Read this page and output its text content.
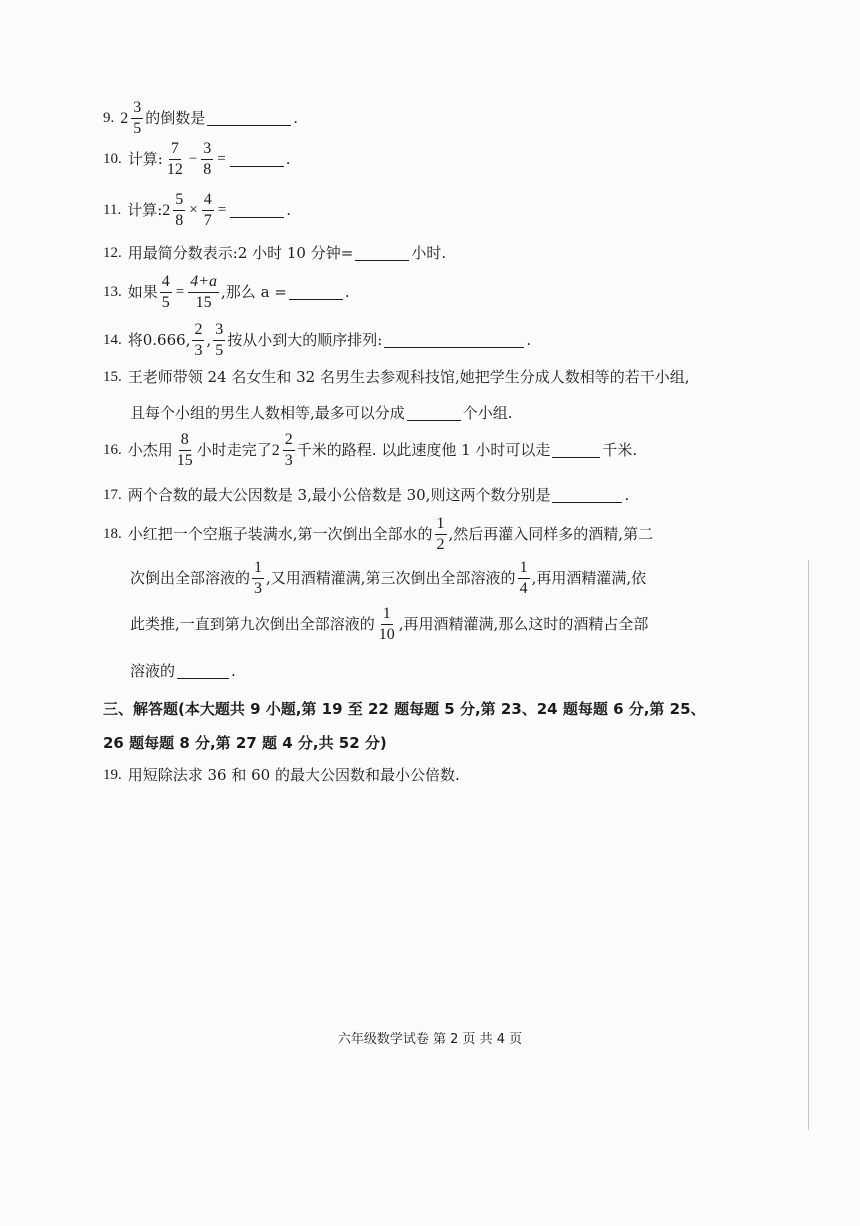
9. $2 \frac{3}{5}$ 的倒数是	.
10. 计算: $\frac{7}{12} - \frac{3}{8}$ =	.
11. 计算: $2 \frac{5}{8} \times \frac{4}{7}$ =	.
12. 用最简分数表示:2 小时 10 分钟=	小时.
13. 如果 $\frac{4}{5} = \frac{4+a}{15}$ ,那么 a =	.
14. 将0.666, $\frac{2}{3}$ , $\frac{3}{5}$ 按从小到大的顺序排列:	.
15. 王老师带领 24 名女生和 32 名男生去参观科技馆,她把学生分成人数相等的若干小组,
且每个小组的男生人数相等,最多可以分成	个小组.
16. 小杰用 $\frac{8}{15}$ 小时走完了 $2 \frac{2}{3}$ 千米的路程. 以此速度他 1 小时可以走	千米.
17. 两个合数的最大公因数是 3,最小公倍数是 30,则这两个数分别是	.
18. 小红把一个空瓶子装满水,第一次倒出全部水的 $\frac{1}{2}$ ,然后再灌入同样多的酒精,第二
次倒出全部溶液的 $\frac{1}{3}$ ,又用酒精灌满,第三次倒出全部溶液的 $\frac{1}{4}$ ,再用酒精灌满,依
此类推,一直到第九次倒出全部溶液的 $\frac{1}{10}$ ,再用酒精灌满,那么这时的酒精占全部
溶液的	.
三、解答题(本大题共 9 小题,第 19 至 22 题每题 5 分,第 23、24 题每题 6 分,第 25、
26 题每题 8 分,第 27 题 4 分,共 52 分)
19. 用短除法求 36 和 60 的最大公因数和最小公倍数.
六年级数学试卷 第 2 页 共 4 页
